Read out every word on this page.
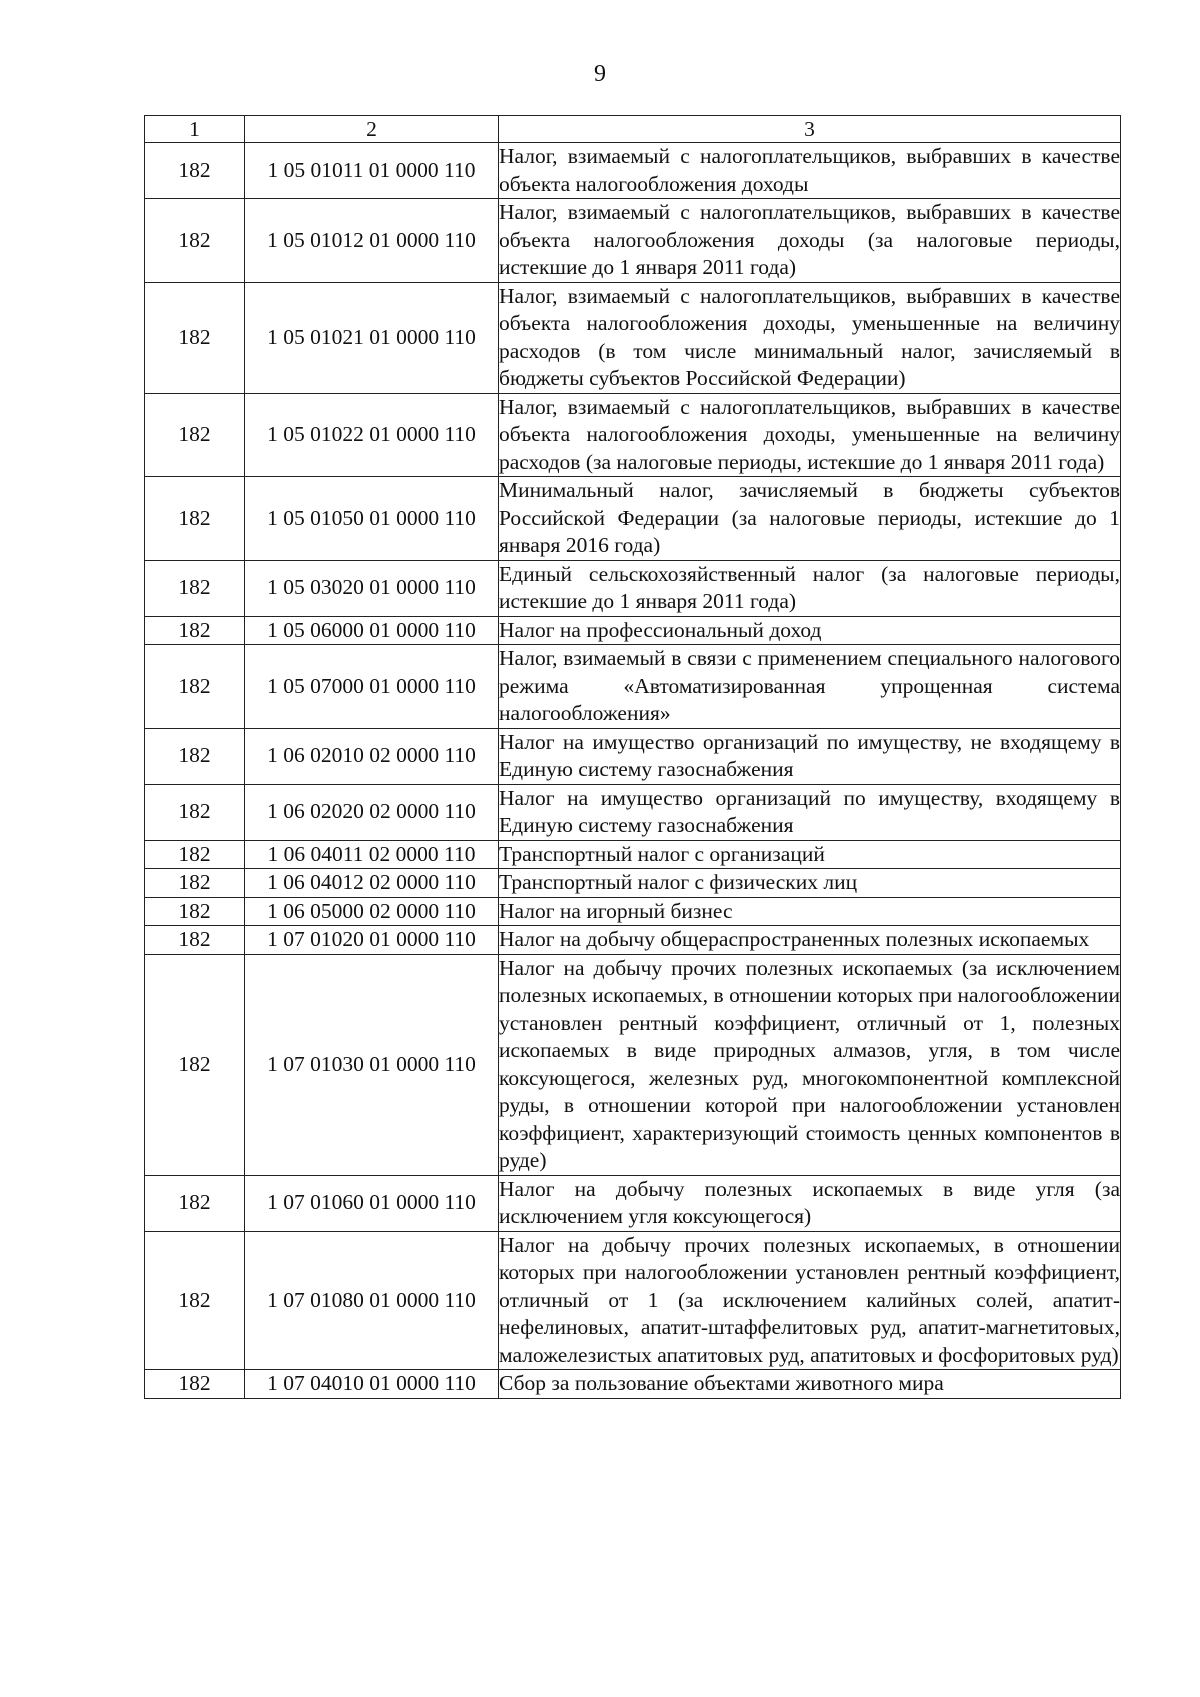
9
1	2	3
182	1 05 01011 01 0000 110	Налог, взимаемый с налогоплательщиков, выбравших в качестве объекта налогообложения доходы
182	1 05 01012 01 0000 110	Налог, взимаемый с налогоплательщиков, выбравших в качестве объекта налогообложения доходы (за налоговые периоды, истекшие до 1 января 2011 года)
182	1 05 01021 01 0000 110	Налог, взимаемый с налогоплательщиков, выбравших в качестве объекта налогообложения доходы, уменьшенные на величину расходов (в том числе минимальный налог, зачисляемый в бюджеты субъектов Российской Федерации)
182	1 05 01022 01 0000 110	Налог, взимаемый с налогоплательщиков, выбравших в качестве объекта налогообложения доходы, уменьшенные на величину расходов (за налоговые периоды, истекшие до 1 января 2011 года)
182	1 05 01050 01 0000 110	Минимальный налог, зачисляемый в бюджеты субъектов Российской Федерации (за налоговые периоды, истекшие до 1 января 2016 года)
182	1 05 03020 01 0000 110	Единый сельскохозяйственный налог (за налоговые периоды, истекшие до 1 января 2011 года)
182	1 05 06000 01 0000 110	Налог на профессиональный доход
182	1 05 07000 01 0000 110	Налог, взимаемый в связи с применением специального налогового режима «Автоматизированная упрощенная система налогообложения»
182	1 06 02010 02 0000 110	Налог на имущество организаций по имуществу, не входящему в Единую систему газоснабжения
182	1 06 02020 02 0000 110	Налог на имущество организаций по имуществу, входящему в Единую систему газоснабжения
182	1 06 04011 02 0000 110	Транспортный налог с организаций
182	1 06 04012 02 0000 110	Транспортный налог с физических лиц
182	1 06 05000 02 0000 110	Налог на игорный бизнес
182	1 07 01020 01 0000 110	Налог на добычу общераспространенных полезных ископаемых
182	1 07 01030 01 0000 110	Налог на добычу прочих полезных ископаемых (за исключением полезных ископаемых, в отношении которых при налогообложении установлен рентный коэффициент, отличный от 1, полезных ископаемых в виде природных алмазов, угля, в том числе коксующегося, железных руд, многокомпонентной комплексной руды, в отношении которой при налогообложении установлен коэффициент, характеризующий стоимость ценных компонентов в руде)
182	1 07 01060 01 0000 110	Налог на добычу полезных ископаемых в виде угля (за исключением угля коксующегося)
182	1 07 01080 01 0000 110	Налог на добычу прочих полезных ископаемых, в отношении которых при налогообложении установлен рентный коэффициент, отличный от 1 (за исключением калийных солей, апатит-нефелиновых, апатит-штаффелитовых руд, апатит-магнетитовых, маложелезистых апатитовых руд, апатитовых и фосфоритовых руд)
182	1 07 04010 01 0000 110	Сбор за пользование объектами животного мира
